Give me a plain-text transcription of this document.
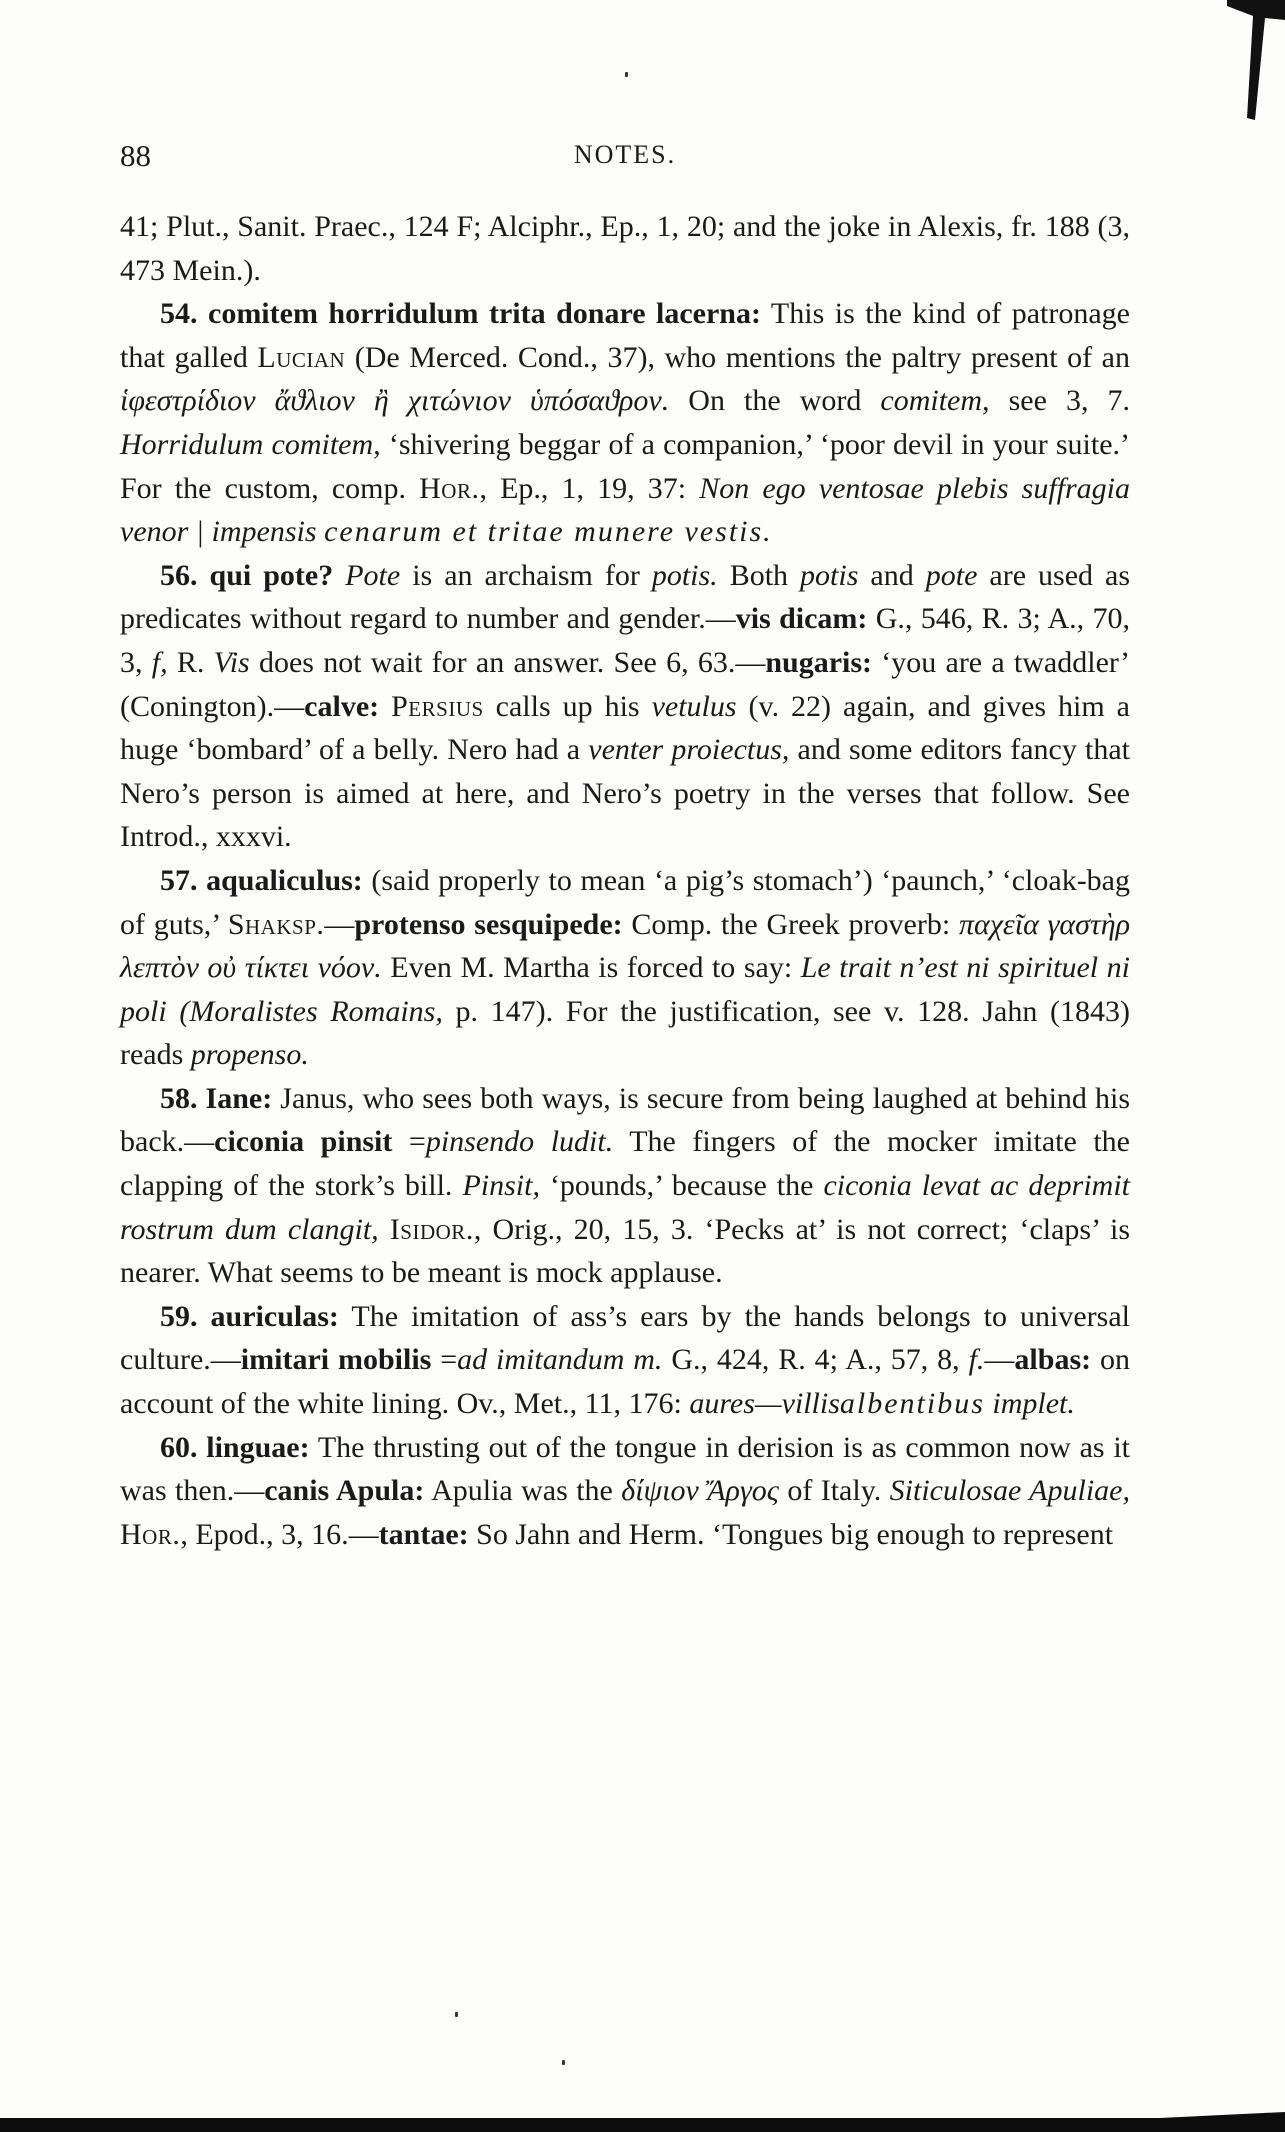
88	NOTES.

41; Plut., Sanit. Praec., 124 F; Alciphr., Ep., 1, 20; and the joke in Alexis, fr. 188 (3, 473 Mein.).

54. comitem horridulum trita donare lacerna: This is the kind of patronage that galled Lucian (De Merced. Cond., 37), who mentions the paltry present of an ἱφεστρίδιον ἄϑλιον ἢ χιτώνιον ὑπόσαϑρον. On the word comitem, see 3, 7. Horridulum comitem, ‘shivering beggar of a companion,’ ‘poor devil in your suite.’ For the custom, comp. Hor., Ep., 1, 19, 37: Non ego ventosae plebis suffragia venor | impensis cenarum et tritae munere vestis.

56. qui pote? Pote is an archaism for potis. Both potis and pote are used as predicates without regard to number and gender.—vis dicam: G., 546, R. 3; A., 70, 3, f, R. Vis does not wait for an answer. See 6, 63.—nugaris: ‘you are a twaddler’ (Conington).—calve: Persius calls up his vetulus (v. 22) again, and gives him a huge ‘bombard’ of a belly. Nero had a venter proiectus, and some editors fancy that Nero’s person is aimed at here, and Nero’s poetry in the verses that follow. See Introd., xxxvi.

57. aqualiculus: (said properly to mean ‘a pig’s stomach’) ‘paunch,’ ‘cloak-bag of guts,’ Shaksp.—protenso sesquipede: Comp. the Greek proverb: παχεῖα γαστὴρ λεπτὸν οὐ τίκτει νόον. Even M. Martha is forced to say: Le trait n’est ni spirituel ni poli (Moralistes Romains, p. 147). For the justification, see v. 128. Jahn (1843) reads propenso.

58. Iane: Janus, who sees both ways, is secure from being laughed at behind his back.—ciconia pinsit =pinsendo ludit. The fingers of the mocker imitate the clapping of the stork’s bill. Pinsit, ‘pounds,’ because the ciconia levat ac deprimit rostrum dum clangit, Isidor., Orig., 20, 15, 3. ‘Pecks at’ is not correct; ‘claps’ is nearer. What seems to be meant is mock applause.

59. auriculas: The imitation of ass’s ears by the hands belongs to universal culture.—imitari mobilis =ad imitandum m. G., 424, R. 4; A., 57, 8, f.—albas: on account of the white lining. Ov., Met., 11, 176: aures—villisalbentibus implet.

60. linguae: The thrusting out of the tongue in derision is as common now as it was then.—canis Apula: Apulia was the δίψιον Ἄργος of Italy. Siticulosae Apuliae, Hor., Epod., 3, 16.—tantae: So Jahn and Herm. ‘Tongues big enough to represent
